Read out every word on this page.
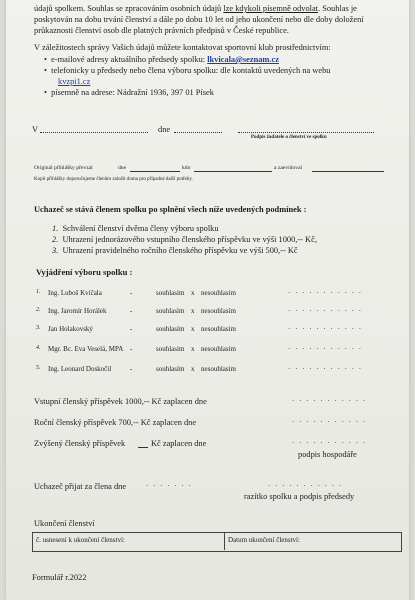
údajů spolkem. Souhlas se zpracováním osobních údajů lze kdykoli písemně odvolat. Souhlas je
poskytován na dobu trvání členství a dále po dobu 10 let od jeho ukončení nebo dle doby doložení
průkaznosti členství osob dle platných právních předpisů v České republice.
V záležitostech správy Vašich údajů můžete kontaktovat sportovní klub prostřednictvím:
• e-mailové adresy aktuálního předsedy spolku: lkvicala@seznam.cz
• telefonicky u předsedy nebo člena výboru spolku: dle kontaktů uvedených na webu
kvzpi1.cz
• písemně na adrese: Nádražní 1936, 397 01 Písek
V	dne
Podpis žadatele o členství ve spolku
Originál přihlášky převzal	dne	kdo	a zaevidoval
Kopii přihlášky doporučujeme členům založit doma pro případné další potřeby.
Uchazeč se stává členem spolku po splnění všech níže uvedených podmínek :
1. Schválení členství dvěma členy výboru spolku
2. Uhrazení jednorázového vstupního členského příspěvku ve výši 1000,-- Kč,
3. Uhrazení pravidelného ročního členského příspěvku ve výši 500,-- Kč
Vyjádření výboru spolku :
1. Ing. Luboš Kvíčala	-	souhlasím x nesouhlasím	· · · · · · · · · · ·
2. Ing. Jaromír Horálek	-	souhlasím x nesouhlasím	· · · · · · · · · · ·
3. Jan Holakovský	-	souhlasím x nesouhlasím	· · · · · · · · · · ·
4. Mgr. Bc. Eva Veselá, MPA -	souhlasím x nesouhlasím	· · · · · · · · · · ·
5. Ing. Leonard Doskočil	-	souhlasím x nesouhlasím	· · · · · · · · · · ·
Vstupní členský příspěvek 1000,-- Kč zaplacen dne	· · · · · · · · · · ·
Roční členský příspěvek 700,-- Kč zaplacen dne	· · · · · · · · · · ·
Zvýšený členský příspěvek	Kč zaplacen dne	· · · · · · · · · · ·
podpis hospodáře
Uchazeč přijat za člena dne	· · · · · · ·	· · · · · · · · · · ·
razítko spolku a podpis předsedy
Ukončení členství
č. usnesení k ukončení členství:	Datum ukončení členství:
Formulář r.2022
